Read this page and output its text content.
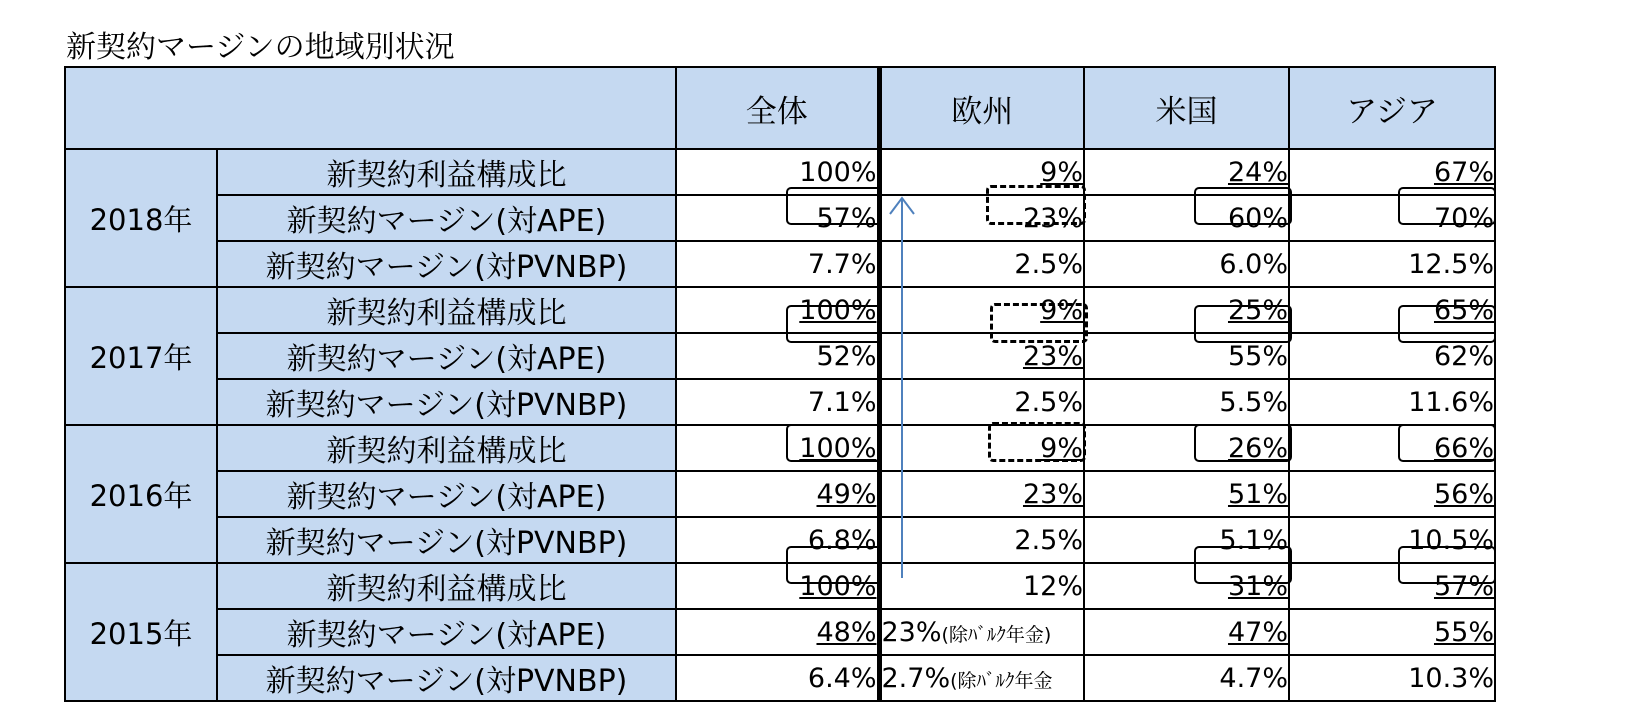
新契約マージンの地域別状況
		全体	欧州	米国	アジア
2018年	新契約利益構成比	100%	9%	24%	67%
	新契約マージン(対APE)	57%	23%	60%	70%
	新契約マージン(対PVNBP)	7.7%	2.5%	6.0%	12.5%
2017年	新契約利益構成比	100%	9%	25%	65%
	新契約マージン(対APE)	52%	23%	55%	62%
	新契約マージン(対PVNBP)	7.1%	2.5%	5.5%	11.6%
2016年	新契約利益構成比	100%	9%	26%	66%
	新契約マージン(対APE)	49%	23%	51%	56%
	新契約マージン(対PVNBP)	6.8%	2.5%	5.1%	10.5%
2015年	新契約利益構成比	100%	12%	31%	57%
	新契約マージン(対APE)	48%	23%(除ﾊﾞﾙｸ年金)	47%	55%
	新契約マージン(対PVNBP)	6.4%	2.7%(除ﾊﾞﾙｸ年金	4.7%	10.3%
